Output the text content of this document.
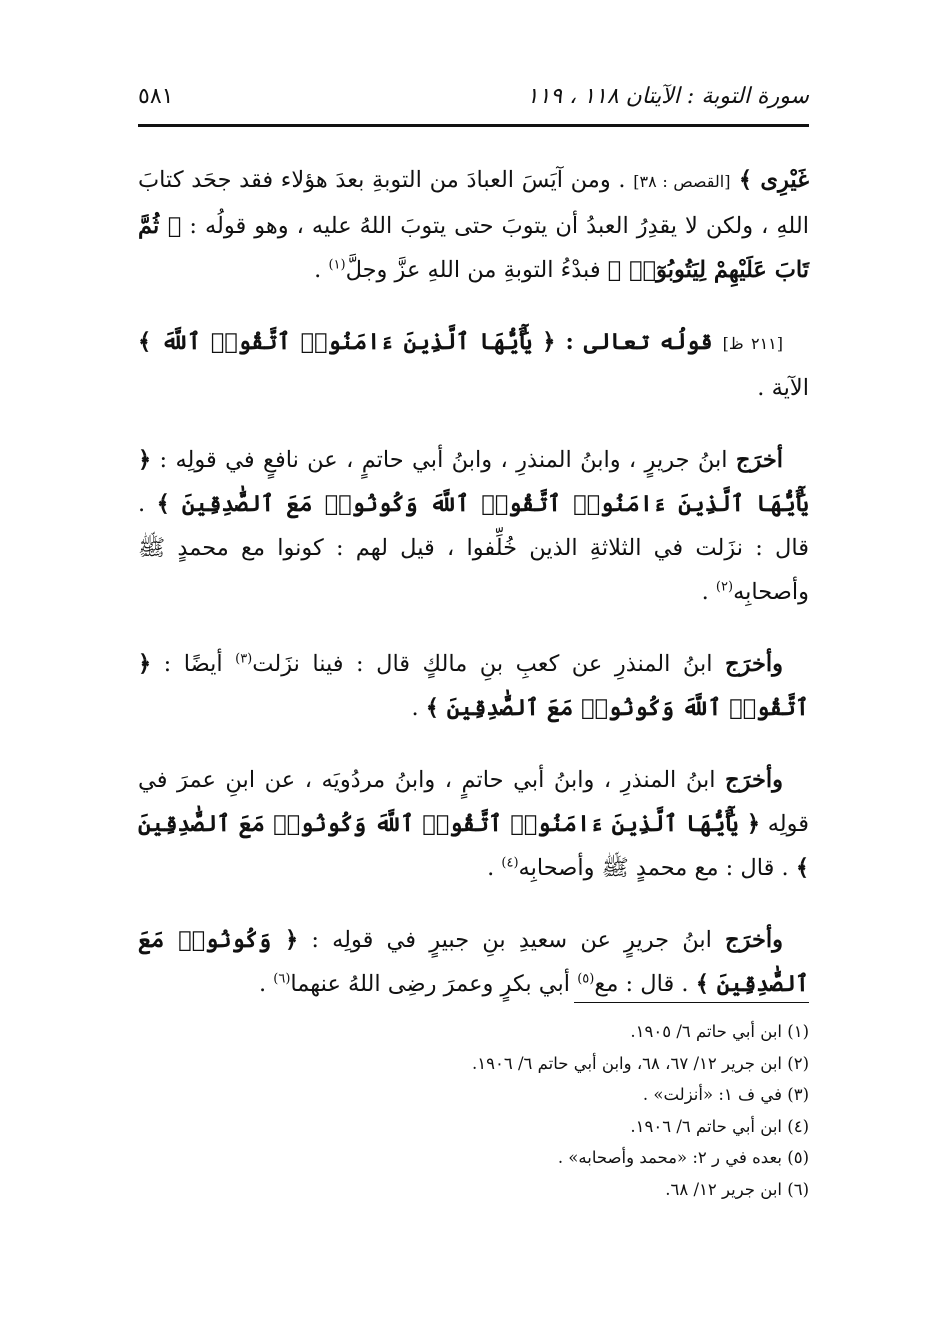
سورة التوبة : الآيتان ١١٨ ، ١١٩
٥٨١

غَيْرِى ﴾ [القصص : ٣٨] . ومن آيَسَ العبادَ من التوبةِ بعدَ هؤلاء فقد جحَد كتابَ اللهِ ، ولكن لا يقدِرُ العبدُ أن يتوبَ حتى يتوبَ اللهُ عليه ، وهو قولُه : ﴿ ثُمَّ تَابَ عَلَيْهِمْ لِيَتُوبُوٓا۟ ﴾ فبدْءُ التوبةِ من اللهِ عزَّ وجلَّ$^{(١)}$ .

[٢١١ ظ] قولُه تعالى : ﴿ يَٰٓأَيُّهَا ٱلَّذِينَ ءَامَنُوا۟ ٱتَّقُوا۟ ٱللَّهَ ﴾ الآية .

أخرَج ابنُ جريرٍ ، وابنُ المنذرِ ، وابنُ أبي حاتمٍ ، عن نافعٍ في قولِه : ﴿ يَٰٓأَيُّهَا ٱلَّذِينَ ءَامَنُوا۟ ٱتَّقُوا۟ ٱللَّهَ وَكُونُوا۟ مَعَ ٱلصَّٰدِقِينَ ﴾ . قال : نزَلت في الثلاثةِ الذين خُلِّفوا ، قيل لهم : كونوا مع محمدٍ ﷺ وأصحابِه$^{(٢)}$ .

وأخرَج ابنُ المنذرِ عن كعبِ بنِ مالكٍ قال : فينا نزَلت$^{(٣)}$ أيضًا : ﴿ ٱتَّقُوا۟ ٱللَّهَ وَكُونُوا۟ مَعَ ٱلصَّٰدِقِينَ ﴾ .

وأخرَج ابنُ المنذرِ ، وابنُ أبي حاتمٍ ، وابنُ مردُويَه ، عن ابنِ عمرَ في قولِه ﴿ يَٰٓأَيُّهَا ٱلَّذِينَ ءَامَنُوا۟ ٱتَّقُوا۟ ٱللَّهَ وَكُونُوا۟ مَعَ ٱلصَّٰدِقِينَ ﴾ . قال : مع محمدٍ ﷺ وأصحابِه$^{(٤)}$ .

وأخرَج ابنُ جريرٍ عن سعيدِ بنِ جبيرٍ في قولِه : ﴿ وَكُونُوا۟ مَعَ ٱلصَّٰدِقِينَ ﴾ . قال : مع$^{(٥)}$ أبي بكرٍ وعمرَ رضِى اللهُ عنهما$^{(٦)}$ .

(١) ابن أبي حاتم ٦/ ١٩٠٥.
(٢) ابن جرير ١٢/ ٦٧، ٦٨، وابن أبي حاتم ٦/ ١٩٠٦.
(٣) في ف ١: «أنزلت» .
(٤) ابن أبي حاتم ٦/ ١٩٠٦.
(٥) بعده في ر ٢: «محمد وأصحابه» .
(٦) ابن جرير ١٢/ ٦٨.
